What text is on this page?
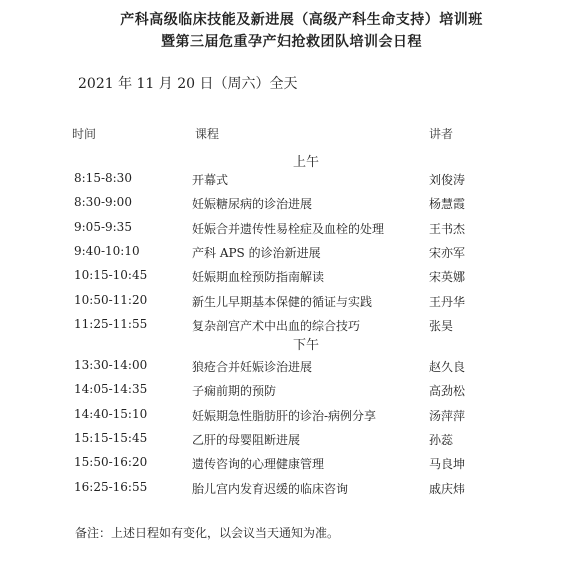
产科高级临床技能及新进展（高级产科生命支持）培训班
暨第三届危重孕产妇抢救团队培训会日程
2021 年 11 月 20 日（周六）全天
时间	课程	讲者
上午
8:15-8:30	开幕式	刘俊涛
8:30-9:00	妊娠糖尿病的诊治进展	杨慧霞
9:05-9:35	妊娠合并遗传性易栓症及血栓的处理	王书杰
9:40-10:10	产科 APS 的诊治新进展	宋亦军
10:15-10:45	妊娠期血栓预防指南解读	宋英娜
10:50-11:20	新生儿早期基本保健的循证与实践	王丹华
11:25-11:55	复杂剖宫产术中出血的综合技巧	张昊
下午
13:30-14:00	狼疮合并妊娠诊治进展	赵久良
14:05-14:35	子痫前期的预防	高劲松
14:40-15:10	妊娠期急性脂肪肝的诊治-病例分享	汤萍萍
15:15-15:45	乙肝的母婴阻断进展	孙蕊
15:50-16:20	遗传咨询的心理健康管理	马良坤
16:25-16:55	胎儿宫内发育迟缓的临床咨询	戚庆炜
备注：上述日程如有变化，以会议当天通知为准。
